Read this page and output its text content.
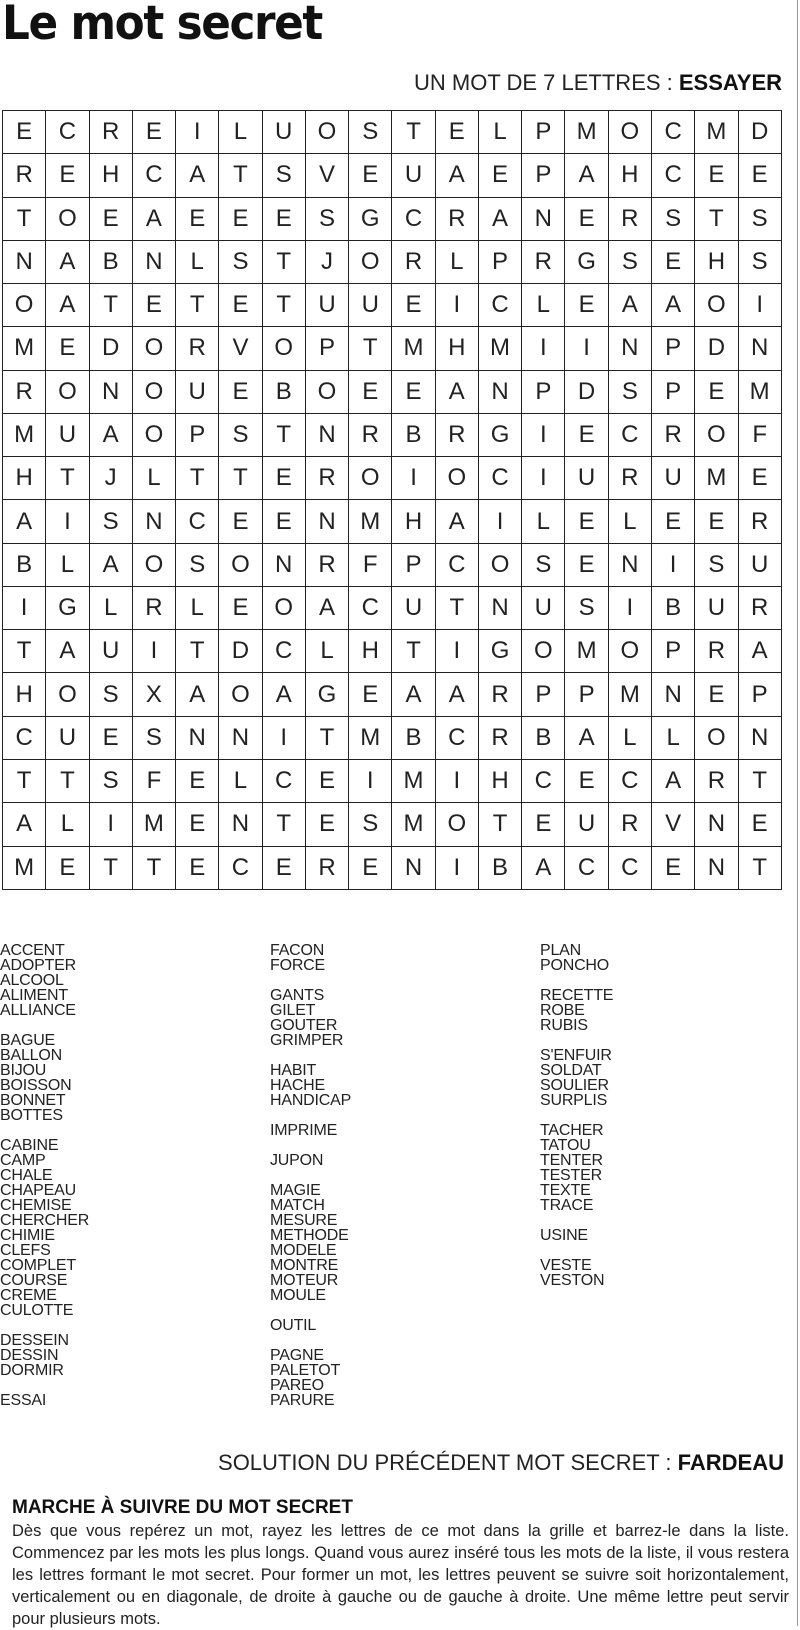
Le mot secret
UN MOT DE 7 LETTRES : ESSAYER
E	C	R	E	I	L	U	O	S	T	E	L	P	M O	C	M	D
R	E	H	C	A	T	S	V	E	U	A	E	P	A	H	C	E	E
T	O	E	A	E	E	E	S	G	C	R	A	N	E	R	S	T	S
N	A	B	N	L	S	T	J	O	R	L	P	R	G	S	E	H	S
O	A	T	E	T	E	T	U	U	E	I	C	L	E	A	A	O	I
M	E	D	O	R	V	O	P	T	M	H	M	I	I	N	P	D	N
R	O	N	O	U	E	B	O	E	E	A	N	P	D	S	P	E	M
M	U	A	O	P	S	T	N	R	B	R	G	I	E	C	R	O	F
H	T	J	L	T	T	E	R	O	I	O	C	I	U	R	U	M	E
A	I	S	N	C	E	E	N	M	H	A	I	L	E	L	E	E	R
B	L	A	O	S	O	N	R	F	P	C	O	S	E	N	I	S	U
I	G	L	R	L	E	O	A	C	U	T	N	U	S	I	B	U	R
T	A	U	I	T	D	C	L	H	T	I	G	O M O	P	R	A
H	O	S	X	A	O	A	G	E	A	A	R	P	P	M	N	E	P
C	U	E	S	N	N	I	T	M	B	C	R	B	A	L	L	O	N
T	T	S	F	E	L	C	E	I	M	I	H	C	E	C	A	R	T
A	L	I	M	E	N	T	E	S	M O	T	E	U	R	V	N	E
M	E	T	T	E	C	E	R	E	N	I	B	A	C	C	E	N	T
ACCENT
ADOPTER
ALCOOL
ALIMENT
ALLIANCE
BAGUE
BALLON
BIJOU
BOISSON
BONNET
BOTTES
CABINE
CAMP
CHALE
CHAPEAU
CHEMISE
CHERCHER
CHIMIE
CLEFS
COMPLET
COURSE
CREME
CULOTTE
DESSEIN
DESSIN
DORMIR
ESSAI
FACON
FORCE
GANTS
GILET
GOUTER
GRIMPER
HABIT
HACHE
HANDICAP
IMPRIME
JUPON
MAGIE
MATCH
MESURE
METHODE
MODELE
MONTRE
MOTEUR
MOULE
OUTIL
PAGNE
PALETOT
PAREO
PARURE
PLAN
PONCHO
RECETTE
ROBE
RUBIS
S'ENFUIR
SOLDAT
SOULIER
SURPLIS
TACHER
TATOU
TENTER
TESTER
TEXTE
TRACE
USINE
VESTE
VESTON
SOLUTION DU PRÉCÉDENT MOT SECRET : FARDEAU
MARCHE À SUIVRE DU MOT SECRET
Dès que vous repérez un mot, rayez les lettres de ce mot dans la grille et barrez-le dans la liste. Commencez par les mots les plus longs. Quand vous aurez inséré tous les mots de la liste, il vous restera les lettres formant le mot secret. Pour former un mot, les lettres peuvent se suivre soit horizontalement, verticalement ou en diagonale, de droite à gauche ou de gauche à droite. Une même lettre peut servir pour plusieurs mots.
